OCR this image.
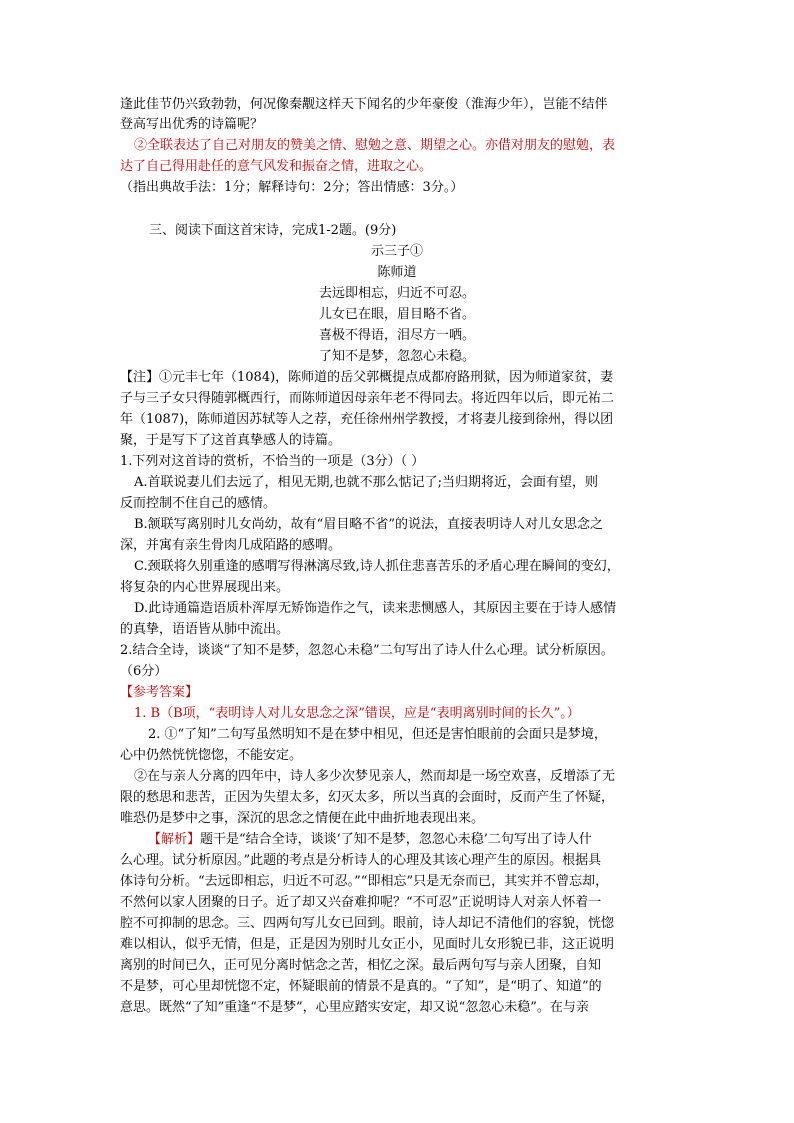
逢此佳节仍兴致勃勃，何况像秦觏这样天下闻名的少年豪俊（淮海少年），岂能不结伴
登高写出优秀的诗篇呢？
②全联表达了自己对朋友的赞美之情、慰勉之意、期望之心。亦借对朋友的慰勉，表
达了自己得用赴任的意气风发和振奋之情，进取之心。
（指出典故手法：1分；解释诗句：2分；答出情感：3分。）
三、阅读下面这首宋诗，完成1-2题。(9分)
示三子①
陈师道
去远即相忘，归近不可忍。
儿女已在眼，眉目略不省。
喜极不得语，泪尽方一哂。
了知不是梦，忽忽心未稳。
【注】①元丰七年（1084)，陈师道的岳父郭概提点成都府路刑狱，因为师道家贫，妻
子与三子女只得随郭概西行，而陈师道因母亲年老不得同去。将近四年以后，即元祐二
年（1087)，陈师道因苏轼等人之荐，充任徐州州学教授，才将妻儿接到徐州，得以团
聚，于是写下了这首真挚感人的诗篇。
1.下列对这首诗的赏析，不恰当的一项是（3分）（ ）
A.首联说妻儿们去远了，相见无期,也就不那么惦记了;当归期将近，会面有望，则
反而控制不住自己的感情。
B.颔联写离别时儿女尚幼，故有“眉目略不省”的说法，直接表明诗人对儿女思念之
深，并寓有亲生骨肉几成陌路的感喟。
C.颈联将久别重逢的感喟写得淋漓尽致,诗人抓住悲喜苦乐的矛盾心理在瞬间的变幻，
将复杂的内心世界展现出来。
D.此诗通篇造语质朴浑厚无矫饰造作之气，读来悲恻感人，其原因主要在于诗人感情
的真挚，语语皆从肺中流出。
2.结合全诗，谈谈“了知不是梦，忽忽心未稳”二句写出了诗人什么心理。试分析原因。
（6分）
【参考答案】
1. B（B项，“表明诗人对儿女思念之深”错误，应是“表明离别时间的长久”。）
2. ①“了知”二句写虽然明知不是在梦中相见，但还是害怕眼前的会面只是梦境，
心中仍然恍恍惚惚，不能安定。
②在与亲人分离的四年中，诗人多少次梦见亲人，然而却是一场空欢喜，反增添了无
限的愁思和悲苦，正因为失望太多，幻灭太多，所以当真的会面时，反而产生了怀疑，
唯恐仍是梦中之事，深沉的思念之情便在此中曲折地表现出来。
【解析】题干是“结合全诗，谈谈‘了知不是梦，忽忽心未稳’二句写出了诗人什
么心理。试分析原因。”此题的考点是分析诗人的心理及其该心理产生的原因。根据具
体诗句分析。“去远即相忘，归近不可忍。”“即相忘”只是无奈而已，其实并不曾忘却，
不然何以家人团聚的日子。近了却又兴奋难抑呢？“不可忍”正说明诗人对亲人怀着一
腔不可抑制的思念。三、四两句写儿女已回到。眼前，诗人却记不清他们的容貌，恍惚
难以相认，似乎无情，但是，正是因为别时儿女正小，见面时儿女形貌已非，这正说明
离别的时间已久，正可见分离时惦念之苦，相忆之深。最后两句写与亲人团聚，自知
不是梦，可心里却恍惚不定，怀疑眼前的情景不是真的。“了知”，是“明了、知道”的
意思。既然“了知”重逢“不是梦”，心里应踏实安定，却又说“忽忽心未稳”。在与亲
